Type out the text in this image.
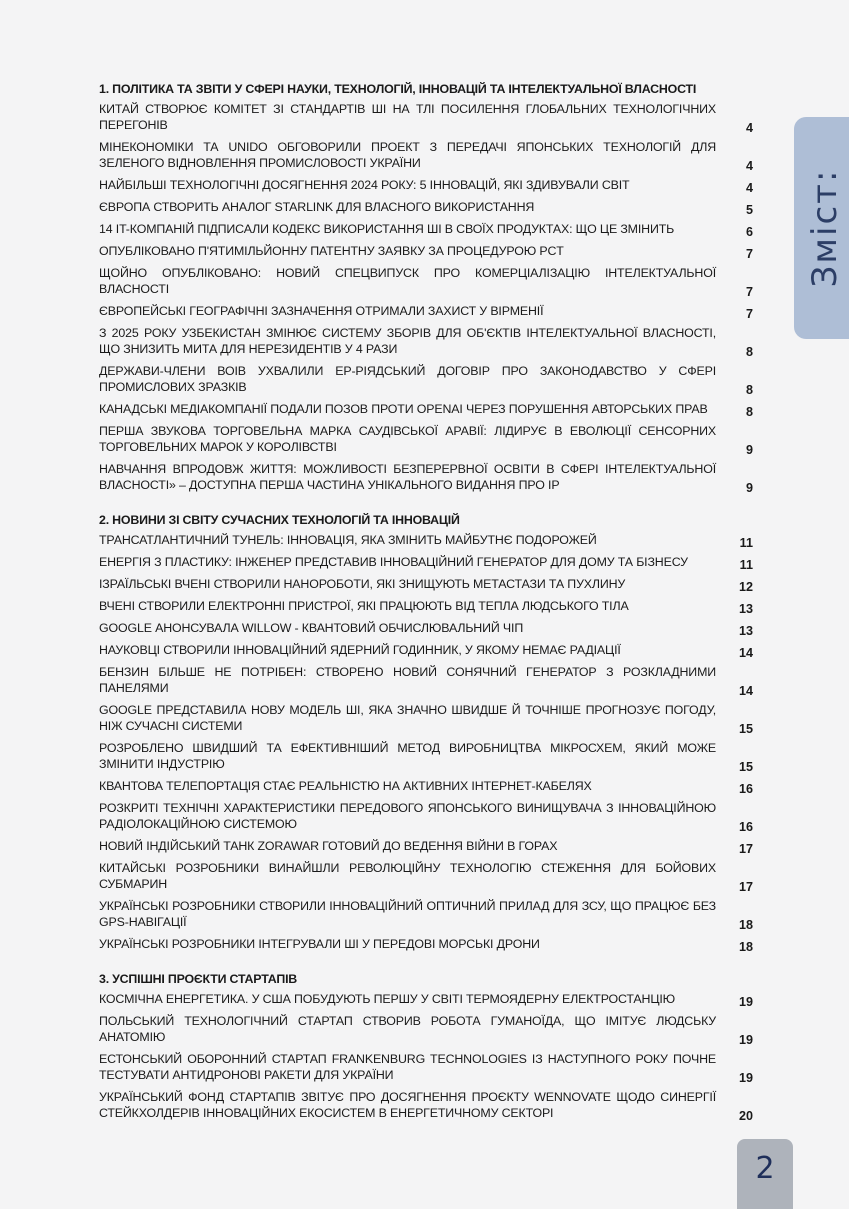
1. ПОЛІТИКА ТА ЗВІТИ У СФЕРІ НАУКИ, ТЕХНОЛОГІЙ, ІННОВАЦІЙ ТА ІНТЕЛЕКТУАЛЬНОЇ ВЛАСНОСТІ
КИТАЙ СТВОРЮЄ КОМІТЕТ ЗІ СТАНДАРТІВ ШІ НА ТЛІ ПОСИЛЕННЯ ГЛОБАЛЬНИХ ТЕХНОЛОГІЧНИХ ПЕРЕГОНІВ	4
МІНЕКОНОМІКИ ТА UNIDO ОБГОВОРИЛИ ПРОЕКТ З ПЕРЕДАЧІ ЯПОНСЬКИХ ТЕХНОЛОГІЙ ДЛЯ ЗЕЛЕНОГО ВІДНОВЛЕННЯ ПРОМИСЛОВОСТІ УКРАЇНИ	4
НАЙБІЛЬШІ ТЕХНОЛОГІЧНІ ДОСЯГНЕННЯ 2024 РОКУ: 5 ІННОВАЦІЙ, ЯКІ ЗДИВУВАЛИ СВІТ	4
ЄВРОПА СТВОРИТЬ АНАЛОГ STARLINK ДЛЯ ВЛАСНОГО ВИКОРИСТАННЯ	5
14 IT-КОМПАНІЙ ПІДПИСАЛИ КОДЕКС ВИКОРИСТАННЯ ШІ В СВОЇХ ПРОДУКТАХ: ЩО ЦЕ ЗМІНИТЬ	6
ОПУБЛІКОВАНО П'ЯТИМІЛЬЙОННУ ПАТЕНТНУ ЗАЯВКУ ЗА ПРОЦЕДУРОЮ PCT	7
ЩОЙНО ОПУБЛІКОВАНО: НОВИЙ СПЕЦВИПУСК ПРО КОМЕРЦІАЛІЗАЦІЮ ІНТЕЛЕКТУАЛЬНОЇ ВЛАСНОСТІ	7
ЄВРОПЕЙСЬКІ ГЕОГРАФІЧНІ ЗАЗНАЧЕННЯ ОТРИМАЛИ ЗАХИСТ У ВІРМЕНІЇ	7
З 2025 РОКУ УЗБЕКИСТАН ЗМІНЮЄ СИСТЕМУ ЗБОРІВ ДЛЯ ОБ'ЄКТІВ ІНТЕЛЕКТУАЛЬНОЇ ВЛАСНОСТІ, ЩО ЗНИЗИТЬ МИТА ДЛЯ НЕРЕЗИДЕНТІВ У 4 РАЗИ	8
ДЕРЖАВИ-ЧЛЕНИ ВОІВ УХВАЛИЛИ ЕР-РІЯДСЬКИЙ ДОГОВІР ПРО ЗАКОНОДАВСТВО У СФЕРІ ПРОМИСЛОВИХ ЗРАЗКІВ	8
КАНАДСЬКІ МЕДІАКОМПАНІЇ ПОДАЛИ ПОЗОВ ПРОТИ OPENAI ЧЕРЕЗ ПОРУШЕННЯ АВТОРСЬКИХ ПРАВ	8
ПЕРША ЗВУКОВА ТОРГОВЕЛЬНА МАРКА САУДІВСЬКОЇ АРАВІЇ: ЛІДИРУЄ В ЕВОЛЮЦІЇ СЕНСОРНИХ ТОРГОВЕЛЬНИХ МАРОК У КОРОЛІВСТВІ	9
НАВЧАННЯ ВПРОДОВЖ ЖИТТЯ: МОЖЛИВОСТІ БЕЗПЕРЕРВНОЇ ОСВІТИ В СФЕРІ ІНТЕЛЕКТУАЛЬНОЇ ВЛАСНОСТІ» – ДОСТУПНА ПЕРША ЧАСТИНА УНІКАЛЬНОГО ВИДАННЯ ПРО IP	9
2. НОВИНИ ЗІ СВІТУ СУЧАСНИХ ТЕХНОЛОГІЙ ТА ІННОВАЦІЙ
ТРАНСАТЛАНТИЧНИЙ ТУНЕЛЬ: ІННОВАЦІЯ, ЯКА ЗМІНИТЬ МАЙБУТНЄ ПОДОРОЖЕЙ	11
ЕНЕРГІЯ З ПЛАСТИКУ: ІНЖЕНЕР ПРЕДСТАВИВ ІННОВАЦІЙНИЙ ГЕНЕРАТОР ДЛЯ ДОМУ ТА БІЗНЕСУ	11
ІЗРАЇЛЬСЬКІ ВЧЕНІ СТВОРИЛИ НАНОРОБОТИ, ЯКІ ЗНИЩУЮТЬ МЕТАСТАЗИ ТА ПУХЛИНУ	12
ВЧЕНІ СТВОРИЛИ ЕЛЕКТРОННІ ПРИСТРОЇ, ЯКІ ПРАЦЮЮТЬ ВІД ТЕПЛА ЛЮДСЬКОГО ТІЛА	13
GOOGLE АНОНСУВАЛА WILLOW - КВАНТОВИЙ ОБЧИСЛЮВАЛЬНИЙ ЧІП	13
НАУКОВЦІ СТВОРИЛИ ІННОВАЦІЙНИЙ ЯДЕРНИЙ ГОДИННИК, У ЯКОМУ НЕМАЄ РАДІАЦІЇ	14
БЕНЗИН БІЛЬШЕ НЕ ПОТРІБЕН: СТВОРЕНО НОВИЙ СОНЯЧНИЙ ГЕНЕРАТОР З РОЗКЛАДНИМИ ПАНЕЛЯМИ	14
GOOGLE ПРЕДСТАВИЛА НОВУ МОДЕЛЬ ШІ, ЯКА ЗНАЧНО ШВИДШЕ Й ТОЧНІШЕ ПРОГНОЗУЄ ПОГОДУ, НІЖ СУЧАСНІ СИСТЕМИ	15
РОЗРОБЛЕНО ШВИДШИЙ ТА ЕФЕКТИВНІШИЙ МЕТОД ВИРОБНИЦТВА МІКРОСХЕМ, ЯКИЙ МОЖЕ ЗМІНИТИ ІНДУСТРІЮ	15
КВАНТОВА ТЕЛЕПОРТАЦІЯ СТАЄ РЕАЛЬНІСТЮ НА АКТИВНИХ ІНТЕРНЕТ-КАБЕЛЯХ	16
РОЗКРИТІ ТЕХНІЧНІ ХАРАКТЕРИСТИКИ ПЕРЕДОВОГО ЯПОНСЬКОГО ВИНИЩУВАЧА З ІННОВАЦІЙНОЮ РАДІОЛОКАЦІЙНОЮ СИСТЕМОЮ	16
НОВИЙ ІНДІЙСЬКИЙ ТАНК ZORAWAR ГОТОВИЙ ДО ВЕДЕННЯ ВІЙНИ В ГОРАХ	17
КИТАЙСЬКІ РОЗРОБНИКИ ВИНАЙШЛИ РЕВОЛЮЦІЙНУ ТЕХНОЛОГІЮ СТЕЖЕННЯ ДЛЯ БОЙОВИХ СУБМАРИН	17
УКРАЇНСЬКІ РОЗРОБНИКИ СТВОРИЛИ ІННОВАЦІЙНИЙ ОПТИЧНИЙ ПРИЛАД ДЛЯ ЗСУ, ЩО ПРАЦЮЄ БЕЗ GPS-НАВІГАЦІЇ	18
УКРАЇНСЬКІ РОЗРОБНИКИ ІНТЕГРУВАЛИ ШІ У ПЕРЕДОВІ МОРСЬКІ ДРОНИ	18
3. УСПІШНІ ПРОЄКТИ СТАРТАПІВ
КОСМІЧНА ЕНЕРГЕТИКА. У США ПОБУДУЮТЬ ПЕРШУ У СВІТІ ТЕРМОЯДЕРНУ ЕЛЕКТРОСТАНЦІЮ	19
ПОЛЬСЬКИЙ ТЕХНОЛОГІЧНИЙ СТАРТАП СТВОРИВ РОБОТА ГУМАНОЇДА, ЩО ІМІТУЄ ЛЮДСЬКУ АНАТОМІЮ	19
ЕСТОНСЬКИЙ ОБОРОННИЙ СТАРТАП FRANKENBURG TECHNOLOGIES ІЗ НАСТУПНОГО РОКУ ПОЧНЕ ТЕСТУВАТИ АНТИДРОНОВІ РАКЕТИ ДЛЯ УКРАЇНИ	19
УКРАЇНСЬКИЙ ФОНД СТАРТАПІВ ЗВІТУЄ ПРО ДОСЯГНЕННЯ ПРОЄКТУ WENNOVATE ЩОДО СИНЕРГІЇ СТЕЙКХОЛДЕРІВ ІННОВАЦІЙНИХ ЕКОСИСТЕМ В ЕНЕРГЕТИЧНОМУ СЕКТОРІ	20
Зміст:
2
